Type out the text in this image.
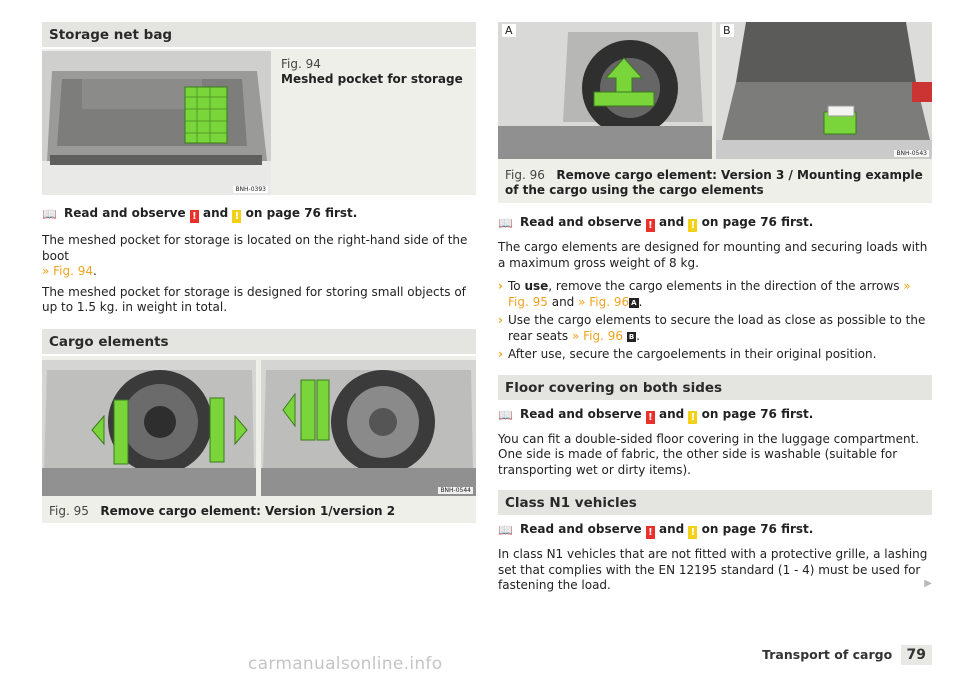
Storage net bag
BNH-0393
Fig. 94
Meshed pocket for storage
📖 Read and observe ! and ! on page 76 first.

The meshed pocket for storage is located on the right-hand side of the boot
» Fig. 94.

The meshed pocket for storage is designed for storing small objects of up to 1.5 kg. in weight in total.

Cargo elements
BNH-0544
Fig. 95 Remove cargo element: Version 1/version 2
A	B
BNH-0543
Fig. 96 Remove cargo element: Version 3 / Mounting example of the cargo using the cargo elements
📖 Read and observe ! and ! on page 76 first.

The cargo elements are designed for mounting and securing loads with a maximum gross weight of 8 kg.

› To use, remove the cargo elements in the direction of the arrows » Fig. 95 and » Fig. 96 A .
› Use the cargo elements to secure the load as close as possible to the rear seats » Fig. 96 B .
› After use, secure the cargoelements in their original position.
Floor covering on both sides
📖 Read and observe ! and ! on page 76 first.

You can fit a double-sided floor covering in the luggage compartment. One side is made of fabric, the other side is washable (suitable for transporting wet or dirty items).

Class N1 vehicles
📖 Read and observe ! and ! on page 76 first.

In class N1 vehicles that are not fitted with a protective grille, a lashing set that complies with the EN 12195 standard (1 - 4) must be used for fastening the load.	▶

carmanualsonline.info	Transport of cargo 79
